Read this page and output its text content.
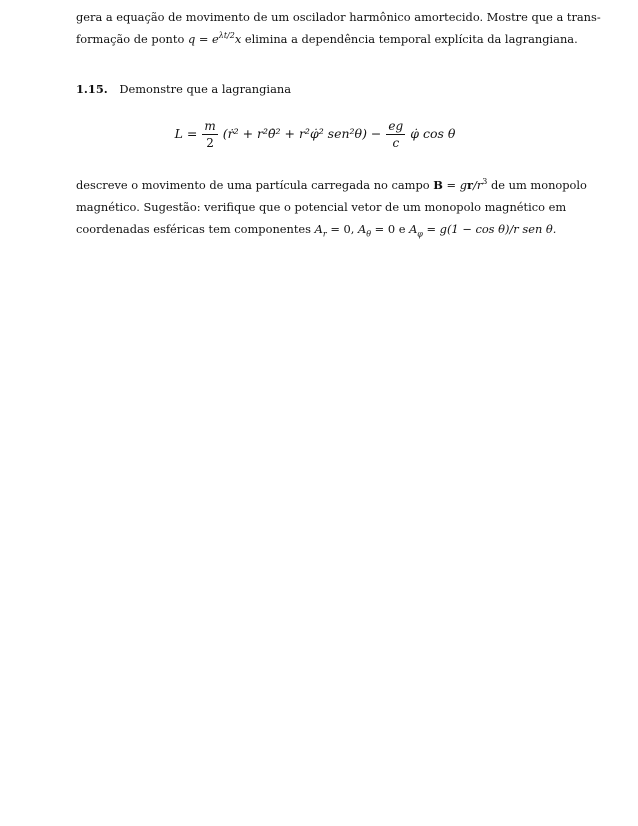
gera a equação de movimento de um oscilador harmônico amortecido. Mostre que a trans-
formação de ponto $q = e^{\lambda t/2}x$ elimina a dependência temporal explícita da lagrangiana.

1.15. Demonstre que a lagrangiana
$L = \frac{m}{2}$ (ṙ² + r²θ̇² + r²φ̇² $sen^2\theta) - \frac{eg}{c}$ φ̇ cos θ

descreve o movimento de uma partícula carregada no campo $B = gr/r^3$ de um monopolo
magnético. Sugestão: verifique que o potencial vetor de um monopolo magnético em
coordenadas esféricas tem componentes $A_r = 0$, $A_\theta = 0$ e $A_\varphi = g(1 - \cos \theta)/r$ sen θ.
